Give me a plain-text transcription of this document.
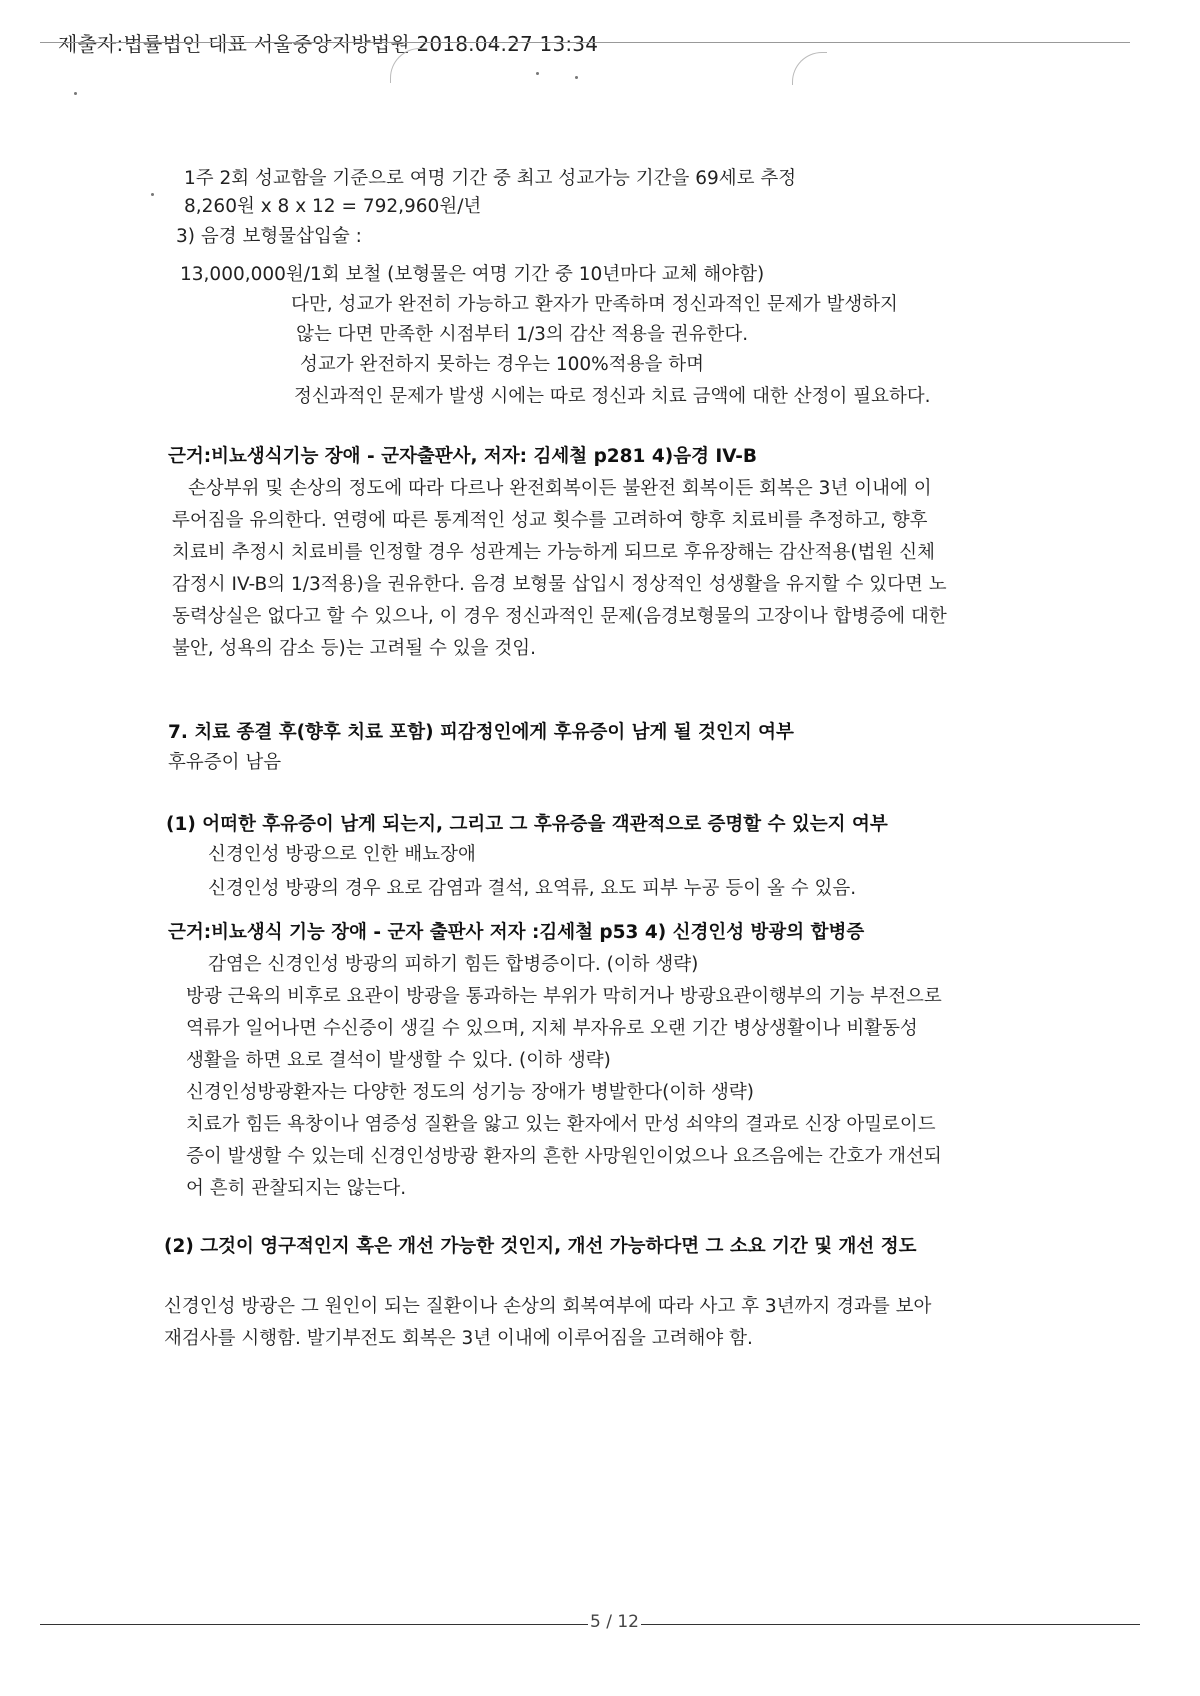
제출자:법률법인 대표 서울중앙지방법원 2018.04.27 13:34
1주 2회 성교함을 기준으로 여명 기간 중 최고 성교가능 기간을 69세로 추정
8,260원 x 8 x 12 = 792,960원/년
3) 음경 보형물삽입술 :
13,000,000원/1회 보철 (보형물은 여명 기간 중 10년마다 교체 해야함)
다만, 성교가 완전히 가능하고 환자가 만족하며 정신과적인 문제가 발생하지
않는 다면 만족한 시점부터 1/3의 감산 적용을 권유한다.
성교가 완전하지 못하는 경우는 100%적용을 하며
정신과적인 문제가 발생 시에는 따로 정신과 치료 금액에 대한 산정이 필요하다.
근거:비뇨생식기능 장애 - 군자출판사, 저자: 김세철 p281 4)음경 IV-B
손상부위 및 손상의 정도에 따라 다르나 완전회복이든 불완전 회복이든 회복은 3년 이내에 이
루어짐을 유의한다. 연령에 따른 통계적인 성교 횟수를 고려하여 향후 치료비를 추정하고, 향후
치료비 추정시 치료비를 인정할 경우 성관계는 가능하게 되므로 후유장해는 감산적용(법원 신체
감정시 IV-B의 1/3적용)을 권유한다. 음경 보형물 삽입시 정상적인 성생활을 유지할 수 있다면 노
동력상실은 없다고 할 수 있으나, 이 경우 정신과적인 문제(음경보형물의 고장이나 합병증에 대한
불안, 성욕의 감소 등)는 고려될 수 있을 것임.
7. 치료 종결 후(향후 치료 포함) 피감정인에게 후유증이 남게 될 것인지 여부
후유증이 남음
(1) 어떠한 후유증이 남게 되는지, 그리고 그 후유증을 객관적으로 증명할 수 있는지 여부
신경인성 방광으로 인한 배뇨장애
신경인성 방광의 경우 요로 감염과 결석, 요역류, 요도 피부 누공 등이 올 수 있음.
근거:비뇨생식 기능 장애 - 군자 출판사 저자 :김세철 p53 4) 신경인성 방광의 합병증
감염은 신경인성 방광의 피하기 힘든 합병증이다. (이하 생략)
방광 근육의 비후로 요관이 방광을 통과하는 부위가 막히거나 방광요관이행부의 기능 부전으로
역류가 일어나면 수신증이 생길 수 있으며, 지체 부자유로 오랜 기간 병상생활이나 비활동성
생활을 하면 요로 결석이 발생할 수 있다. (이하 생략)
신경인성방광환자는 다양한 정도의 성기능 장애가 병발한다(이하 생략)
치료가 힘든 욕창이나 염증성 질환을 앓고 있는 환자에서 만성 쇠약의 결과로 신장 아밀로이드
증이 발생할 수 있는데 신경인성방광 환자의 흔한 사망원인이었으나 요즈음에는 간호가 개선되
어 흔히 관찰되지는 않는다.
(2) 그것이 영구적인지 혹은 개선 가능한 것인지, 개선 가능하다면 그 소요 기간 및 개선 정도
신경인성 방광은 그 원인이 되는 질환이나 손상의 회복여부에 따라 사고 후 3년까지 경과를 보아
재검사를 시행함. 발기부전도 회복은 3년 이내에 이루어짐을 고려해야 함.
5 / 12
